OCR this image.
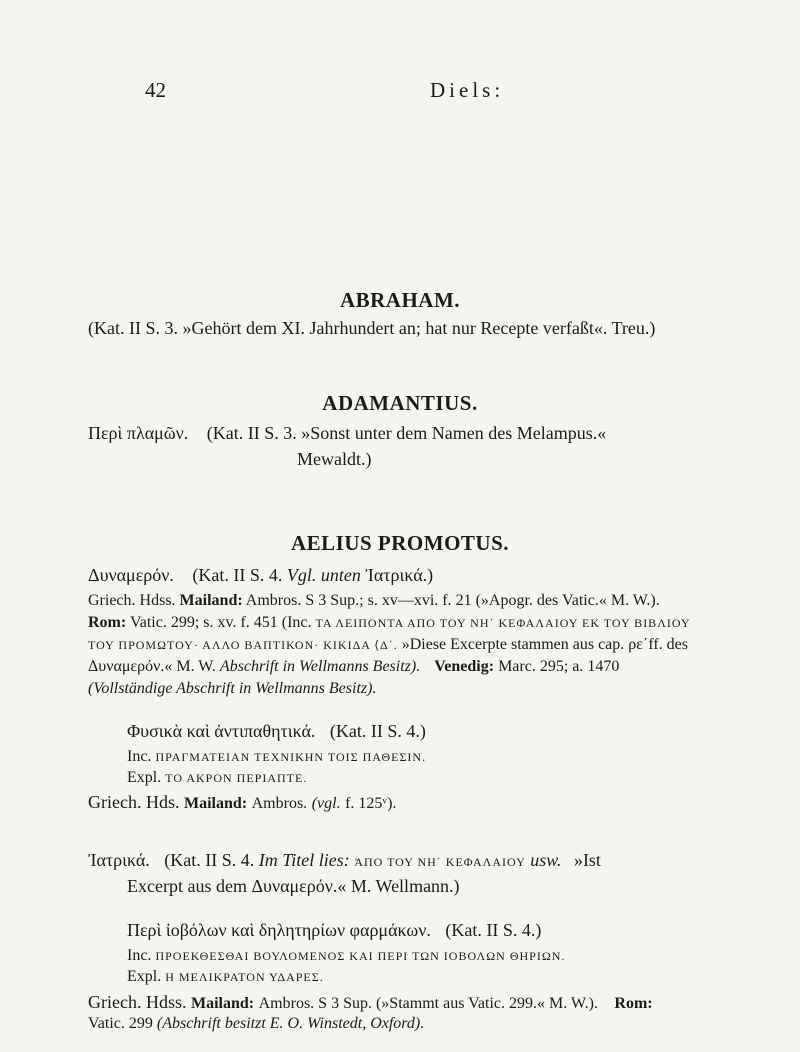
42	Diels:
ABRAHAM.
(Kat. II S. 3. »Gehört dem XI. Jahrhundert an; hat nur Recepte verfaßt«. Treu.)
ADAMANTIUS.
Περὶ πλαμῶν. (Kat. II S. 3. »Sonst unter dem Namen des Melampus.«
Mewaldt.)
AELIUS PROMOTUS.
Δυναμερόν. (Kat. II S. 4. Vgl. unten Ἰατρικά.)
Griech. Hdss. Mailand: Ambros. S 3 Sup.; s. xv—xvi. f. 21 (»Apogr. des Vatic.« M. W.).
Rom: Vatic. 299; s. xv. f. 451 (Inc. ΤΑ ΛΕΙΠΟΝΤΑ ΑΠΟ ΤΟΥ ΝΗ΄ ΚΕΦΑΛΑΙΟΥ ΕΚ ΤΟΥ ΒΙΒΛΙΟΥ
ΤΟΥ ΠΡΟΜΩΤΟΥ· ΑΛΛΟ ΒΑΠΤΙΚΟΝ· ΚΙΚΙΔΑ ⟨Δ΄. »Diese Excerpte stammen aus cap. ρε΄ff. des
Δυναμερόν.« M. W. Abschrift in Wellmanns Besitz). Venedig: Marc. 295; a. 1470
(Vollständige Abschrift in Wellmanns Besitz).
Φυσικὰ καὶ ἀντιπαθητικά. (Kat. II S. 4.)
Inc. ΠΡΑΓΜΑΤΕΙΑΝ ΤΕΧΝΙΚΗΝ ΤΟΙΣ ΠΑΘΕΣΙΝ.
Expl. ΤΟ ΑΚΡΟΝ ΠΕΡΙΑΠΤΕ.
Griech. Hds. Mailand: Ambros. (vgl. f. 125ᵛ).
Ἰατρικά. (Kat. II S. 4. Im Titel lies: ἈΠΟ ΤΟΥ ΝΗ΄ ΚΕΦΑΛΑΙΟΥ usw. »Ist
Excerpt aus dem Δυναμερόν.« M. Wellmann.)
Περὶ ἰοβόλων καὶ δηλητηρίων φαρμάκων. (Kat. II S. 4.)
Inc. ΠΡΟΕΚΘΕΣΘΑΙ ΒΟΥΛΟΜΕΝΟΣ ΚΑΙ ΠΕΡΙ ΤΩΝ ΙΟΒΟΛΩΝ ΘΗΡΙΩΝ.
Expl. Η ΜΕΛΙΚΡΑΤΟΝ ΥΔΑΡΕΣ.
Griech. Hdss. Mailand: Ambros. S 3 Sup. (»Stammt aus Vatic. 299.« M. W.). Rom:
Vatic. 299 (Abschrift besitzt E. O. Winstedt, Oxford).
